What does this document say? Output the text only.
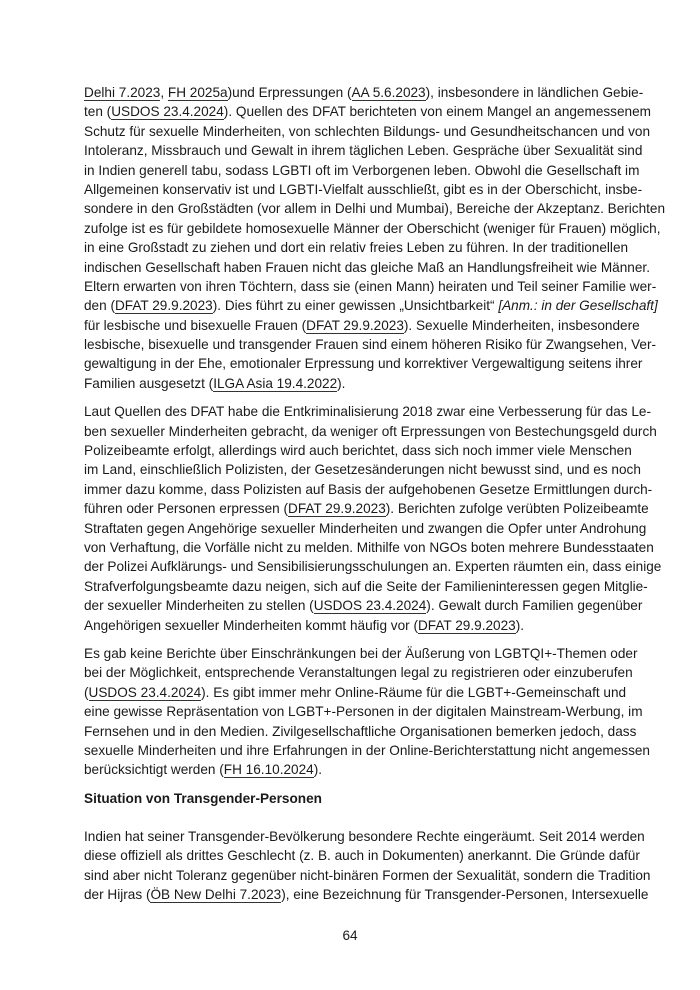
Delhi 7.2023, FH 2025a)und Erpressungen (AA 5.6.2023), insbesondere in ländlichen Gebie-
ten (USDOS 23.4.2024). Quellen des DFAT berichteten von einem Mangel an angemessenem
Schutz für sexuelle Minderheiten, von schlechten Bildungs- und Gesundheitschancen und von
Intoleranz, Missbrauch und Gewalt in ihrem täglichen Leben. Gespräche über Sexualität sind
in Indien generell tabu, sodass LGBTI oft im Verborgenen leben. Obwohl die Gesellschaft im
Allgemeinen konservativ ist und LGBTI-Vielfalt ausschließt, gibt es in der Oberschicht, insbe-
sondere in den Großstädten (vor allem in Delhi und Mumbai), Bereiche der Akzeptanz. Berichten
zufolge ist es für gebildete homosexuelle Männer der Oberschicht (weniger für Frauen) möglich,
in eine Großstadt zu ziehen und dort ein relativ freies Leben zu führen. In der traditionellen
indischen Gesellschaft haben Frauen nicht das gleiche Maß an Handlungsfreiheit wie Männer.
Eltern erwarten von ihren Töchtern, dass sie (einen Mann) heiraten und Teil seiner Familie wer-
den (DFAT 29.9.2023). Dies führt zu einer gewissen „Unsichtbarkeit“ [Anm.: in der Gesellschaft]
für lesbische und bisexuelle Frauen (DFAT 29.9.2023). Sexuelle Minderheiten, insbesondere
lesbische, bisexuelle und transgender Frauen sind einem höheren Risiko für Zwangsehen, Ver-
gewaltigung in der Ehe, emotionaler Erpressung und korrektiver Vergewaltigung seitens ihrer
Familien ausgesetzt (ILGA Asia 19.4.2022).
Laut Quellen des DFAT habe die Entkriminalisierung 2018 zwar eine Verbesserung für das Le-
ben sexueller Minderheiten gebracht, da weniger oft Erpressungen von Bestechungsgeld durch
Polizeibeamte erfolgt, allerdings wird auch berichtet, dass sich noch immer viele Menschen
im Land, einschließlich Polizisten, der Gesetzesänderungen nicht bewusst sind, und es noch
immer dazu komme, dass Polizisten auf Basis der aufgehobenen Gesetze Ermittlungen durch-
führen oder Personen erpressen (DFAT 29.9.2023). Berichten zufolge verübten Polizeibeamte
Straftaten gegen Angehörige sexueller Minderheiten und zwangen die Opfer unter Androhung
von Verhaftung, die Vorfälle nicht zu melden. Mithilfe von NGOs boten mehrere Bundesstaaten
der Polizei Aufklärungs- und Sensibilisierungsschulungen an. Experten räumten ein, dass einige
Strafverfolgungsbeamte dazu neigen, sich auf die Seite der Familieninteressen gegen Mitglie-
der sexueller Minderheiten zu stellen (USDOS 23.4.2024). Gewalt durch Familien gegenüber
Angehörigen sexueller Minderheiten kommt häufig vor (DFAT 29.9.2023).
Es gab keine Berichte über Einschränkungen bei der Äußerung von LGBTQI+-Themen oder
bei der Möglichkeit, entsprechende Veranstaltungen legal zu registrieren oder einzuberufen
(USDOS 23.4.2024). Es gibt immer mehr Online-Räume für die LGBT+-Gemeinschaft und
eine gewisse Repräsentation von LGBT+-Personen in der digitalen Mainstream-Werbung, im
Fernsehen und in den Medien. Zivilgesellschaftliche Organisationen bemerken jedoch, dass
sexuelle Minderheiten und ihre Erfahrungen in der Online-Berichterstattung nicht angemessen
berücksichtigt werden (FH 16.10.2024).
Situation von Transgender-Personen
Indien hat seiner Transgender-Bevölkerung besondere Rechte eingeräumt. Seit 2014 werden
diese offiziell als drittes Geschlecht (z. B. auch in Dokumenten) anerkannt. Die Gründe dafür
sind aber nicht Toleranz gegenüber nicht-binären Formen der Sexualität, sondern die Tradition
der Hijras (ÖB New Delhi 7.2023), eine Bezeichnung für Transgender-Personen, Intersexuelle
64
